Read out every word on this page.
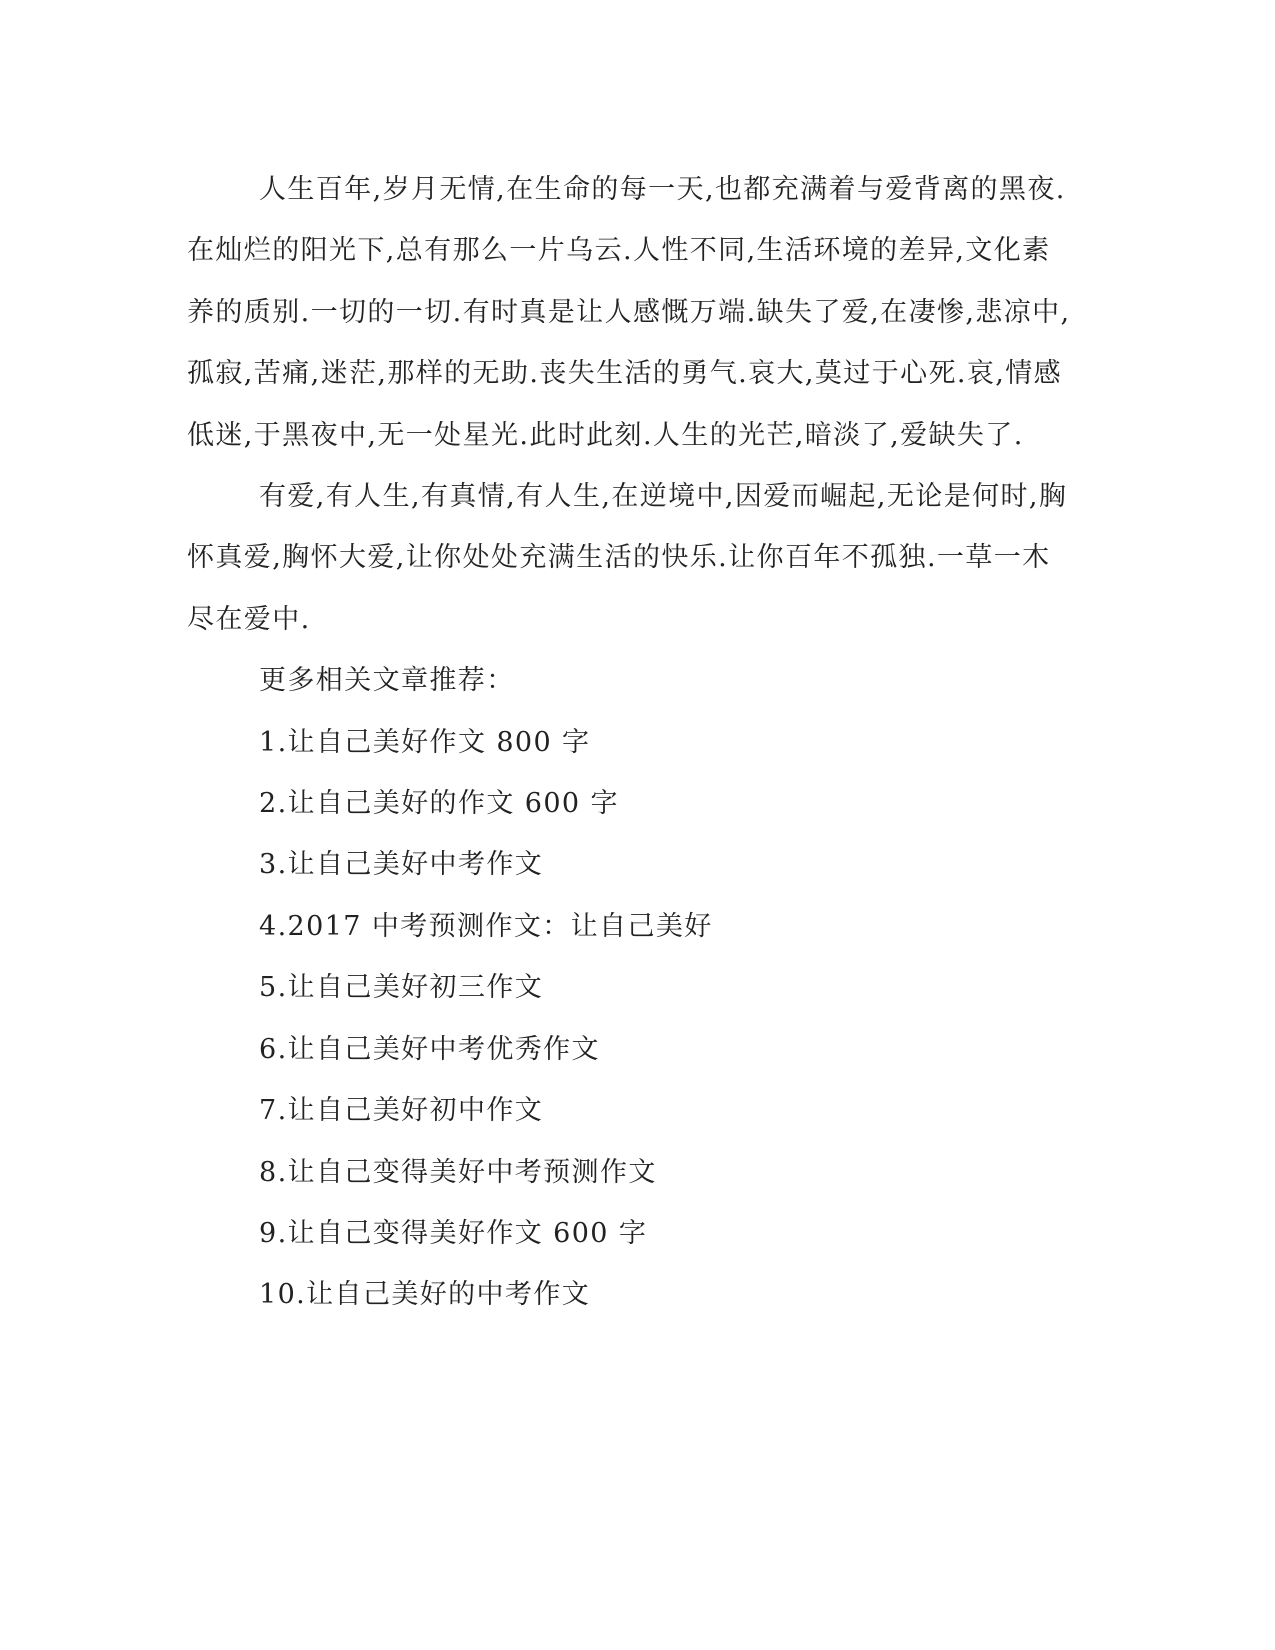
人生百年,岁月无情,在生命的每一天,也都充满着与爱背离的黑夜.
在灿烂的阳光下,总有那么一片乌云.人性不同,生活环境的差异,文化素
养的质别.一切的一切.有时真是让人感慨万端.缺失了爱,在凄惨,悲凉中,
孤寂,苦痛,迷茫,那样的无助.丧失生活的勇气.哀大,莫过于心死.哀,情感
低迷,于黑夜中,无一处星光.此时此刻.人生的光芒,暗淡了,爱缺失了.
有爱,有人生,有真情,有人生,在逆境中,因爱而崛起,无论是何时,胸
怀真爱,胸怀大爱,让你处处充满生活的快乐.让你百年不孤独.一草一木
尽在爱中.
更多相关文章推荐：
1.让自己美好作文 800 字
2.让自己美好的作文 600 字
3.让自己美好中考作文
4.2017 中考预测作文：让自己美好
5.让自己美好初三作文
6.让自己美好中考优秀作文
7.让自己美好初中作文
8.让自己变得美好中考预测作文
9.让自己变得美好作文 600 字
10.让自己美好的中考作文
